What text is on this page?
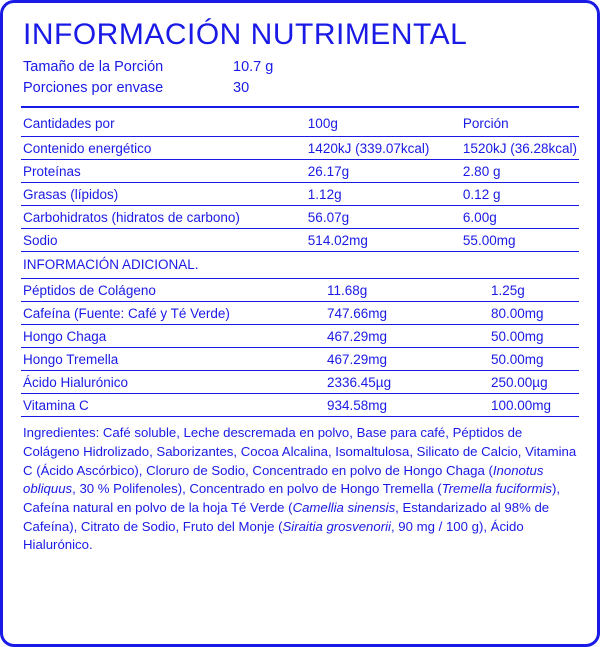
INFORMACIÓN NUTRIMENTAL
Tamaño de la Porción	10.7 g
Porciones por envase	30
Cantidades por	100g	Porción
Contenido energético	1420kJ (339.07kcal)	1520kJ (36.28kcal)
Proteínas	26.17g	2.80 g
Grasas (lípidos)	1.12g	0.12 g
Carbohidratos (hidratos de carbono)	56.07g	6.00g
Sodio	514.02mg	55.00mg
INFORMACIÓN ADICIONAL.
Péptidos de Colágeno	11.68g	1.25g
Cafeína (Fuente: Café y Té Verde)	747.66mg	80.00mg
Hongo Chaga	467.29mg	50.00mg
Hongo Tremella	467.29mg	50.00mg
Ácido Hialurónico	2336.45µg	250.00µg
Vitamina C	934.58mg	100.00mg
Ingredientes: Café soluble, Leche descremada en polvo, Base para café, Péptidos de Colágeno Hidrolizado, Saborizantes, Cocoa Alcalina, Isomaltulosa, Silicato de Calcio, Vitamina C (Ácido Ascórbico), Cloruro de Sodio, Concentrado en polvo de Hongo Chaga (Inonotus obliquus, 30 % Polifenoles), Concentrado en polvo de Hongo Tremella (Tremella fuciformis), Cafeína natural en polvo de la hoja Té Verde (Camellia sinensis, Estandarizado al 98% de Cafeína), Citrato de Sodio, Fruto del Monje (Siraitia grosvenorii, 90 mg / 100 g), Ácido Hialurónico.
